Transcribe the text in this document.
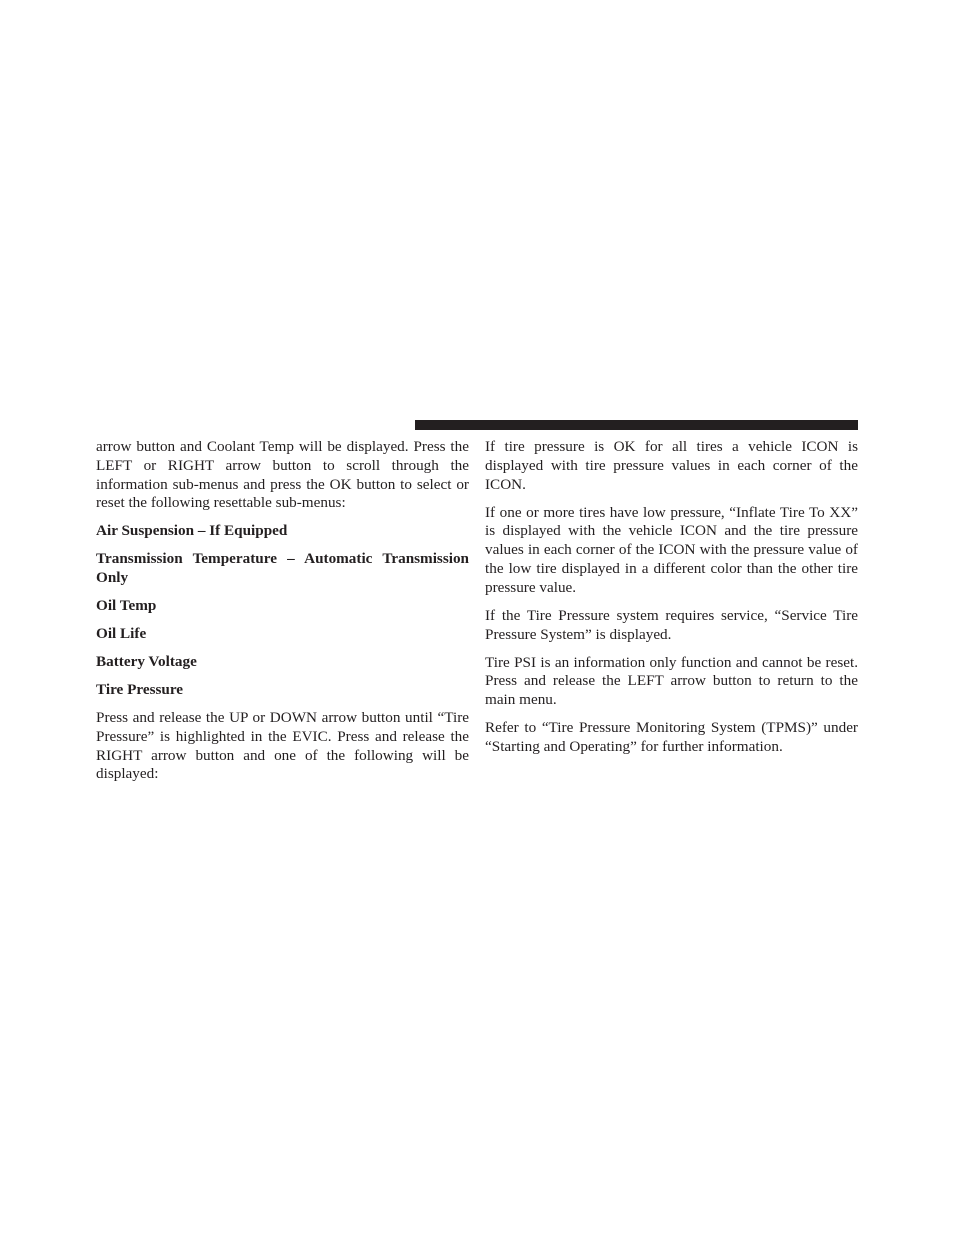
arrow button and Coolant Temp will be displayed. Press the LEFT or RIGHT arrow button to scroll through the information sub-menus and press the OK button to select or reset the following resettable sub-menus:

Air Suspension – If Equipped

Transmission Temperature – Automatic Transmission Only

Oil Temp

Oil Life

Battery Voltage

Tire Pressure

Press and release the UP or DOWN arrow button until “Tire Pressure” is highlighted in the EVIC. Press and release the RIGHT arrow button and one of the following will be displayed:

If tire pressure is OK for all tires a vehicle ICON is displayed with tire pressure values in each corner of the ICON.

If one or more tires have low pressure, “Inflate Tire To XX” is displayed with the vehicle ICON and the tire pressure values in each corner of the ICON with the pressure value of the low tire displayed in a different color than the other tire pressure value.

If the Tire Pressure system requires service, “Service Tire Pressure System” is displayed.

Tire PSI is an information only function and cannot be reset. Press and release the LEFT arrow button to return to the main menu.

Refer to “Tire Pressure Monitoring System (TPMS)” under “Starting and Operating” for further information.
